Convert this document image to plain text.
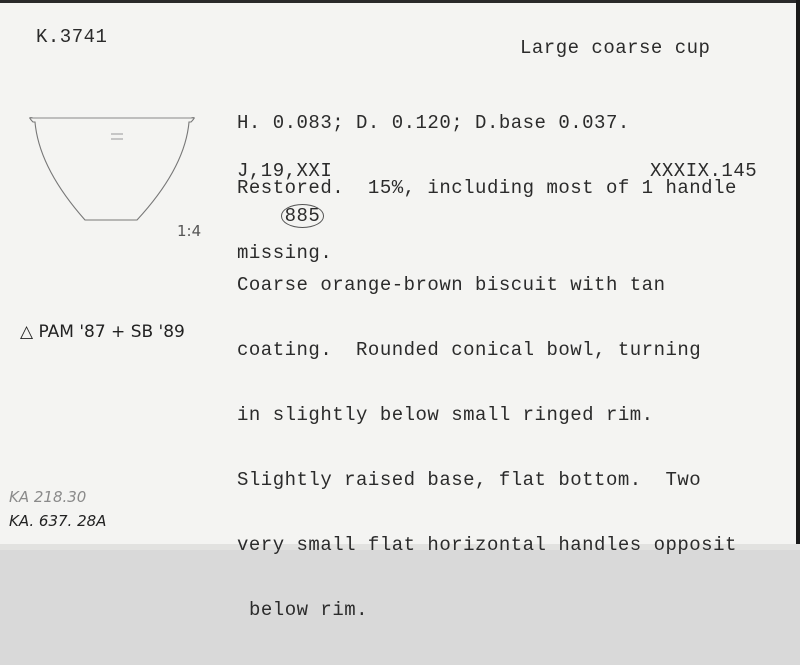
K.3741	Large coarse cup

H. 0.083; D. 0.120; D.base 0.037.

Restored.  15%, including most of 1 handle

missing.

J,19,XXI	XXXIX.145

885

1:4

Coarse orange-brown biscuit with tan

coating.  Rounded conical bowl, turning

in slightly below small ringed rim.

Slightly raised base, flat bottom.  Two

very small flat horizontal handles opposit

below rim.

△ PAM '87 + SB '89
KA 218.30
KA. 637. 28A
